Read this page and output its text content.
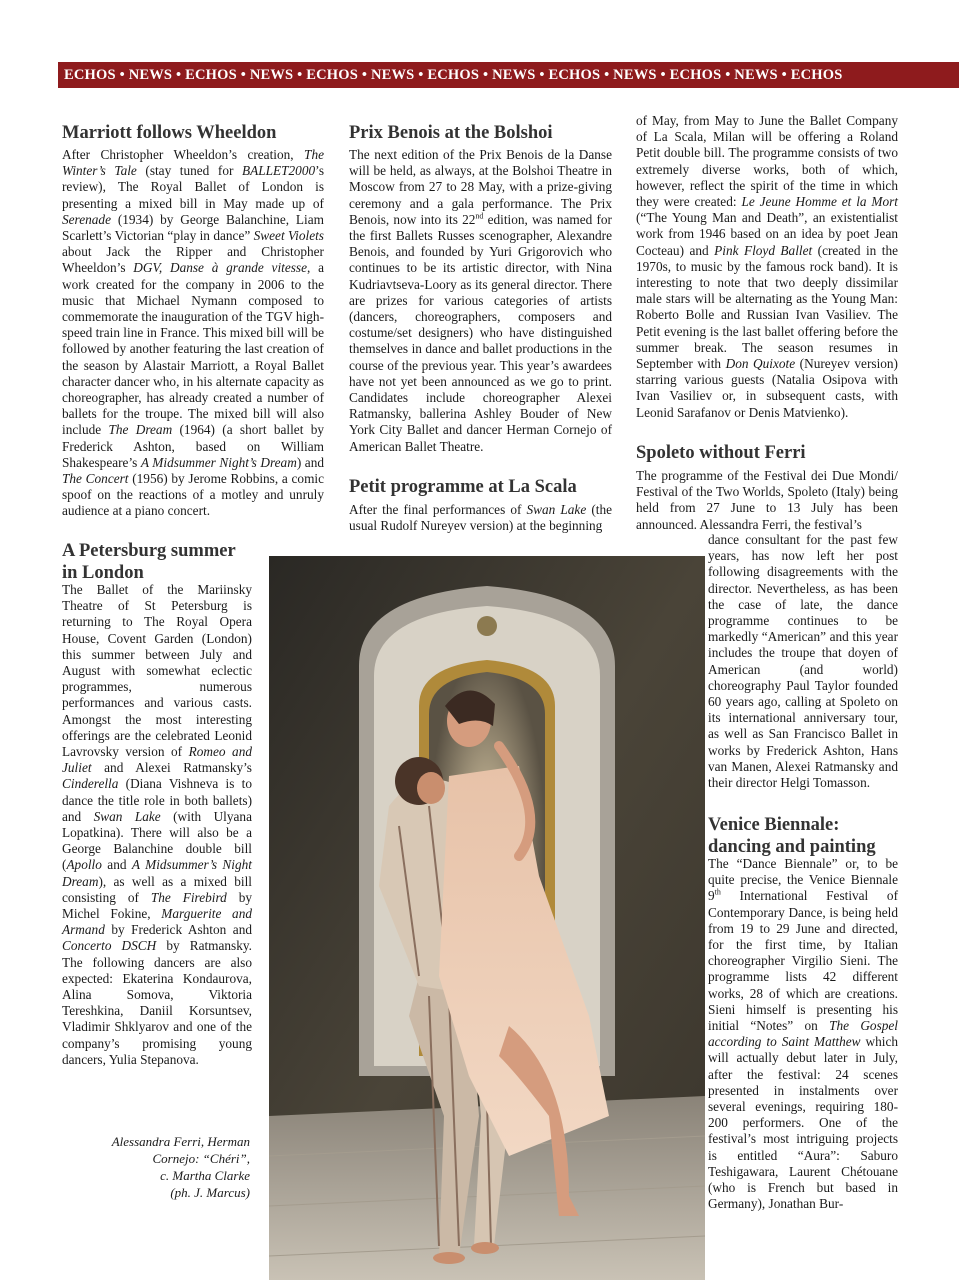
ECHOS • NEWS • ECHOS • NEWS • ECHOS • NEWS • ECHOS • NEWS • ECHOS • NEWS • ECHOS • NEWS • ECHOS
Marriott follows Wheeldon

After Christopher Wheeldon’s creation, The Winter’s Tale (stay tuned for BALLET2000’s review), The Royal Ballet of London is presenting a mixed bill in May made up of Serenade (1934) by George Balanchine, Liam Scarlett’s Victorian “play in dance” Sweet Violets about Jack the Ripper and Christopher Wheeldon’s DGV, Danse à grande vitesse, a work created for the company in 2006 to the music that Michael Nymann composed to commemorate the inauguration of the TGV high-speed train line in France. This mixed bill will be followed by another featuring the last creation of the season by Alastair Marriott, a Royal Ballet character dancer who, in his alternate capacity as choreographer, has already created a number of ballets for the troupe. The mixed bill will also include The Dream (1964) (a short ballet by Frederick Ashton, based on William Shakespeare’s A Midsummer Night’s Dream) and The Concert (1956) by Jerome Robbins, a comic spoof on the reactions of a motley and unruly audience at a piano concert.

A Petersburg summer
in London

The Ballet of the Mariinsky Theatre of St Petersburg is returning to The Royal Opera House, Covent Garden (London) this summer between July and August with somewhat eclectic programmes, numerous performances and various casts. Amongst the most interesting offerings are the celebrated Leonid Lavrovsky version of Romeo and Juliet and Alexei Ratmansky’s Cinderella (Diana Vishneva is to dance the title role in both ballets) and Swan Lake (with Ulyana Lopatkina). There will also be a George Balanchine double bill (Apollo and A Midsummer’s Night Dream), as well as a mixed bill consisting of The Firebird by Michel Fokine, Marguerite and Armand by Frederick Ashton and Concerto DSCH by Ratmansky. The following dancers are also expected: Ekaterina Kondaurova, Alina Somova, Viktoria Tereshkina, Daniil Korsuntsev, Vladimir Shklyarov and one of the company’s promising young dancers, Yulia Stepanova.

Prix Benois at the Bolshoi

The next edition of the Prix Benois de la Danse will be held, as always, at the Bolshoi Theatre in Moscow from 27 to 28 May, with a prize-giving ceremony and a gala performance. The Prix Benois, now into its 22nd edition, was named for the first Ballets Russes scenographer, Alexandre Benois, and founded by Yuri Grigorovich who continues to be its artistic director, with Nina Kudriavtseva-Loory as its general director. There are prizes for various categories of artists (dancers, choreographers, composers and costume/set designers) who have distinguished themselves in dance and ballet productions in the course of the previous year. This year’s awardees have not yet been announced as we go to print. Candidates include choreographer Alexei Ratmansky, ballerina Ashley Bouder of New York City Ballet and dancer Herman Cornejo of American Ballet Theatre.

Petit programme at La Scala

After the final performances of Swan Lake (the usual Rudolf Nureyev version) at the beginning

of May, from May to June the Ballet Company of La Scala, Milan will be offering a Roland Petit double bill. The programme consists of two extremely diverse works, both of which, however, reflect the spirit of the time in which they were created: Le Jeune Homme et la Mort (“The Young Man and Death”, an existentialist work from 1946 based on an idea by poet Jean Cocteau) and Pink Floyd Ballet (created in the 1970s, to music by the famous rock band). It is interesting to note that two deeply dissimilar male stars will be alternating as the Young Man: Roberto Bolle and Russian Ivan Vasiliev. The Petit evening is the last ballet offering before the summer break. The season resumes in September with Don Quixote (Nureyev version) starring various guests (Natalia Osipova with Ivan Vasiliev or, in subsequent casts, with Leonid Sarafanov or Denis Matvienko).

Spoleto without Ferri

The programme of the Festival dei Due Mondi/ Festival of the Two Worlds, Spoleto (Italy) being held from 27 June to 13 July has been announced. Alessandra Ferri, the festival’s

dance consultant for the past few years, has now left her post following disagreements with the director. Nevertheless, as has been the case of late, the dance programme continues to be markedly “American” and this year includes the troupe that doyen of American (and world) choreography Paul Taylor founded 60 years ago, calling at Spoleto on its international anniversary tour, as well as San Francisco Ballet in works by Frederick Ashton, Hans van Manen, Alexei Ratmansky and their director Helgi Tomasson.

Venice Biennale:
dancing and painting

The “Dance Biennale” or, to be quite precise, the Venice Biennale 9th International Festival of Contemporary Dance, is being held from 19 to 29 June and directed, for the first time, by Italian choreographer Virgilio Sieni. The programme lists 42 different works, 28 of which are creations. Sieni himself is presenting his initial “Notes” on The Gospel according to Saint Matthew which will actually debut later in July, after the festival: 24 scenes presented in instalments over several evenings, requiring 180-200 performers. One of the festival’s most intriguing projects is entitled “Aura”: Saburo Teshigawara, Laurent Chétouane (who is French but based in Germany), Jonathan Bur-

Alessandra Ferri, Herman
Cornejo: “Chéri”,
c. Martha Clarke
(ph. J. Marcus)
